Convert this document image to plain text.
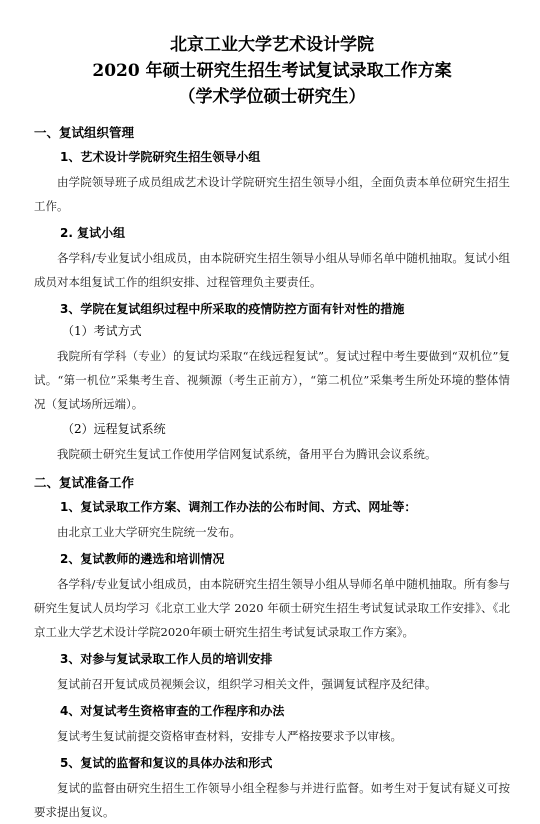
北京工业大学艺术设计学院
2020 年硕士研究生招生考试复试录取工作方案
（学术学位硕士研究生）
一、复试组织管理
1、艺术设计学院研究生招生领导小组
由学院领导班子成员组成艺术设计学院研究生招生领导小组，全面负责本单位研究生招生工作。
2. 复试小组
各学科/专业复试小组成员，由本院研究生招生领导小组从导师名单中随机抽取。复试小组成员对本组复试工作的组织安排、过程管理负主要责任。
3、学院在复试组织过程中所采取的疫情防控方面有针对性的措施
（1）考试方式
我院所有学科（专业）的复试均采取“在线远程复试”。复试过程中考生要做到“双机位”复试。“第一机位”采集考生音、视频源（考生正前方），“第二机位”采集考生所处环境的整体情况（复试场所远端）。
（2）远程复试系统
我院硕士研究生复试工作使用学信网复试系统，备用平台为腾讯会议系统。
二、复试准备工作
1、复试录取工作方案、调剂工作办法的公布时间、方式、网址等：
由北京工业大学研究生院统一发布。
2、复试教师的遴选和培训情况
各学科/专业复试小组成员，由本院研究生招生领导小组从导师名单中随机抽取。所有参与研究生复试人员均学习《北京工业大学 2020 年硕士研究生招生考试复试录取工作安排》、《北京工业大学艺术设计学院2020年硕士研究生招生考试复试录取工作方案》。
3、对参与复试录取工作人员的培训安排
复试前召开复试成员视频会议，组织学习相关文件，强调复试程序及纪律。
4、对复试考生资格审查的工作程序和办法
复试考生复试前提交资格审查材料，安排专人严格按要求予以审核。
5、复试的监督和复议的具体办法和形式
复试的监督由研究生招生工作领导小组全程参与并进行监督。如考生对于复试有疑义可按要求提出复议。
